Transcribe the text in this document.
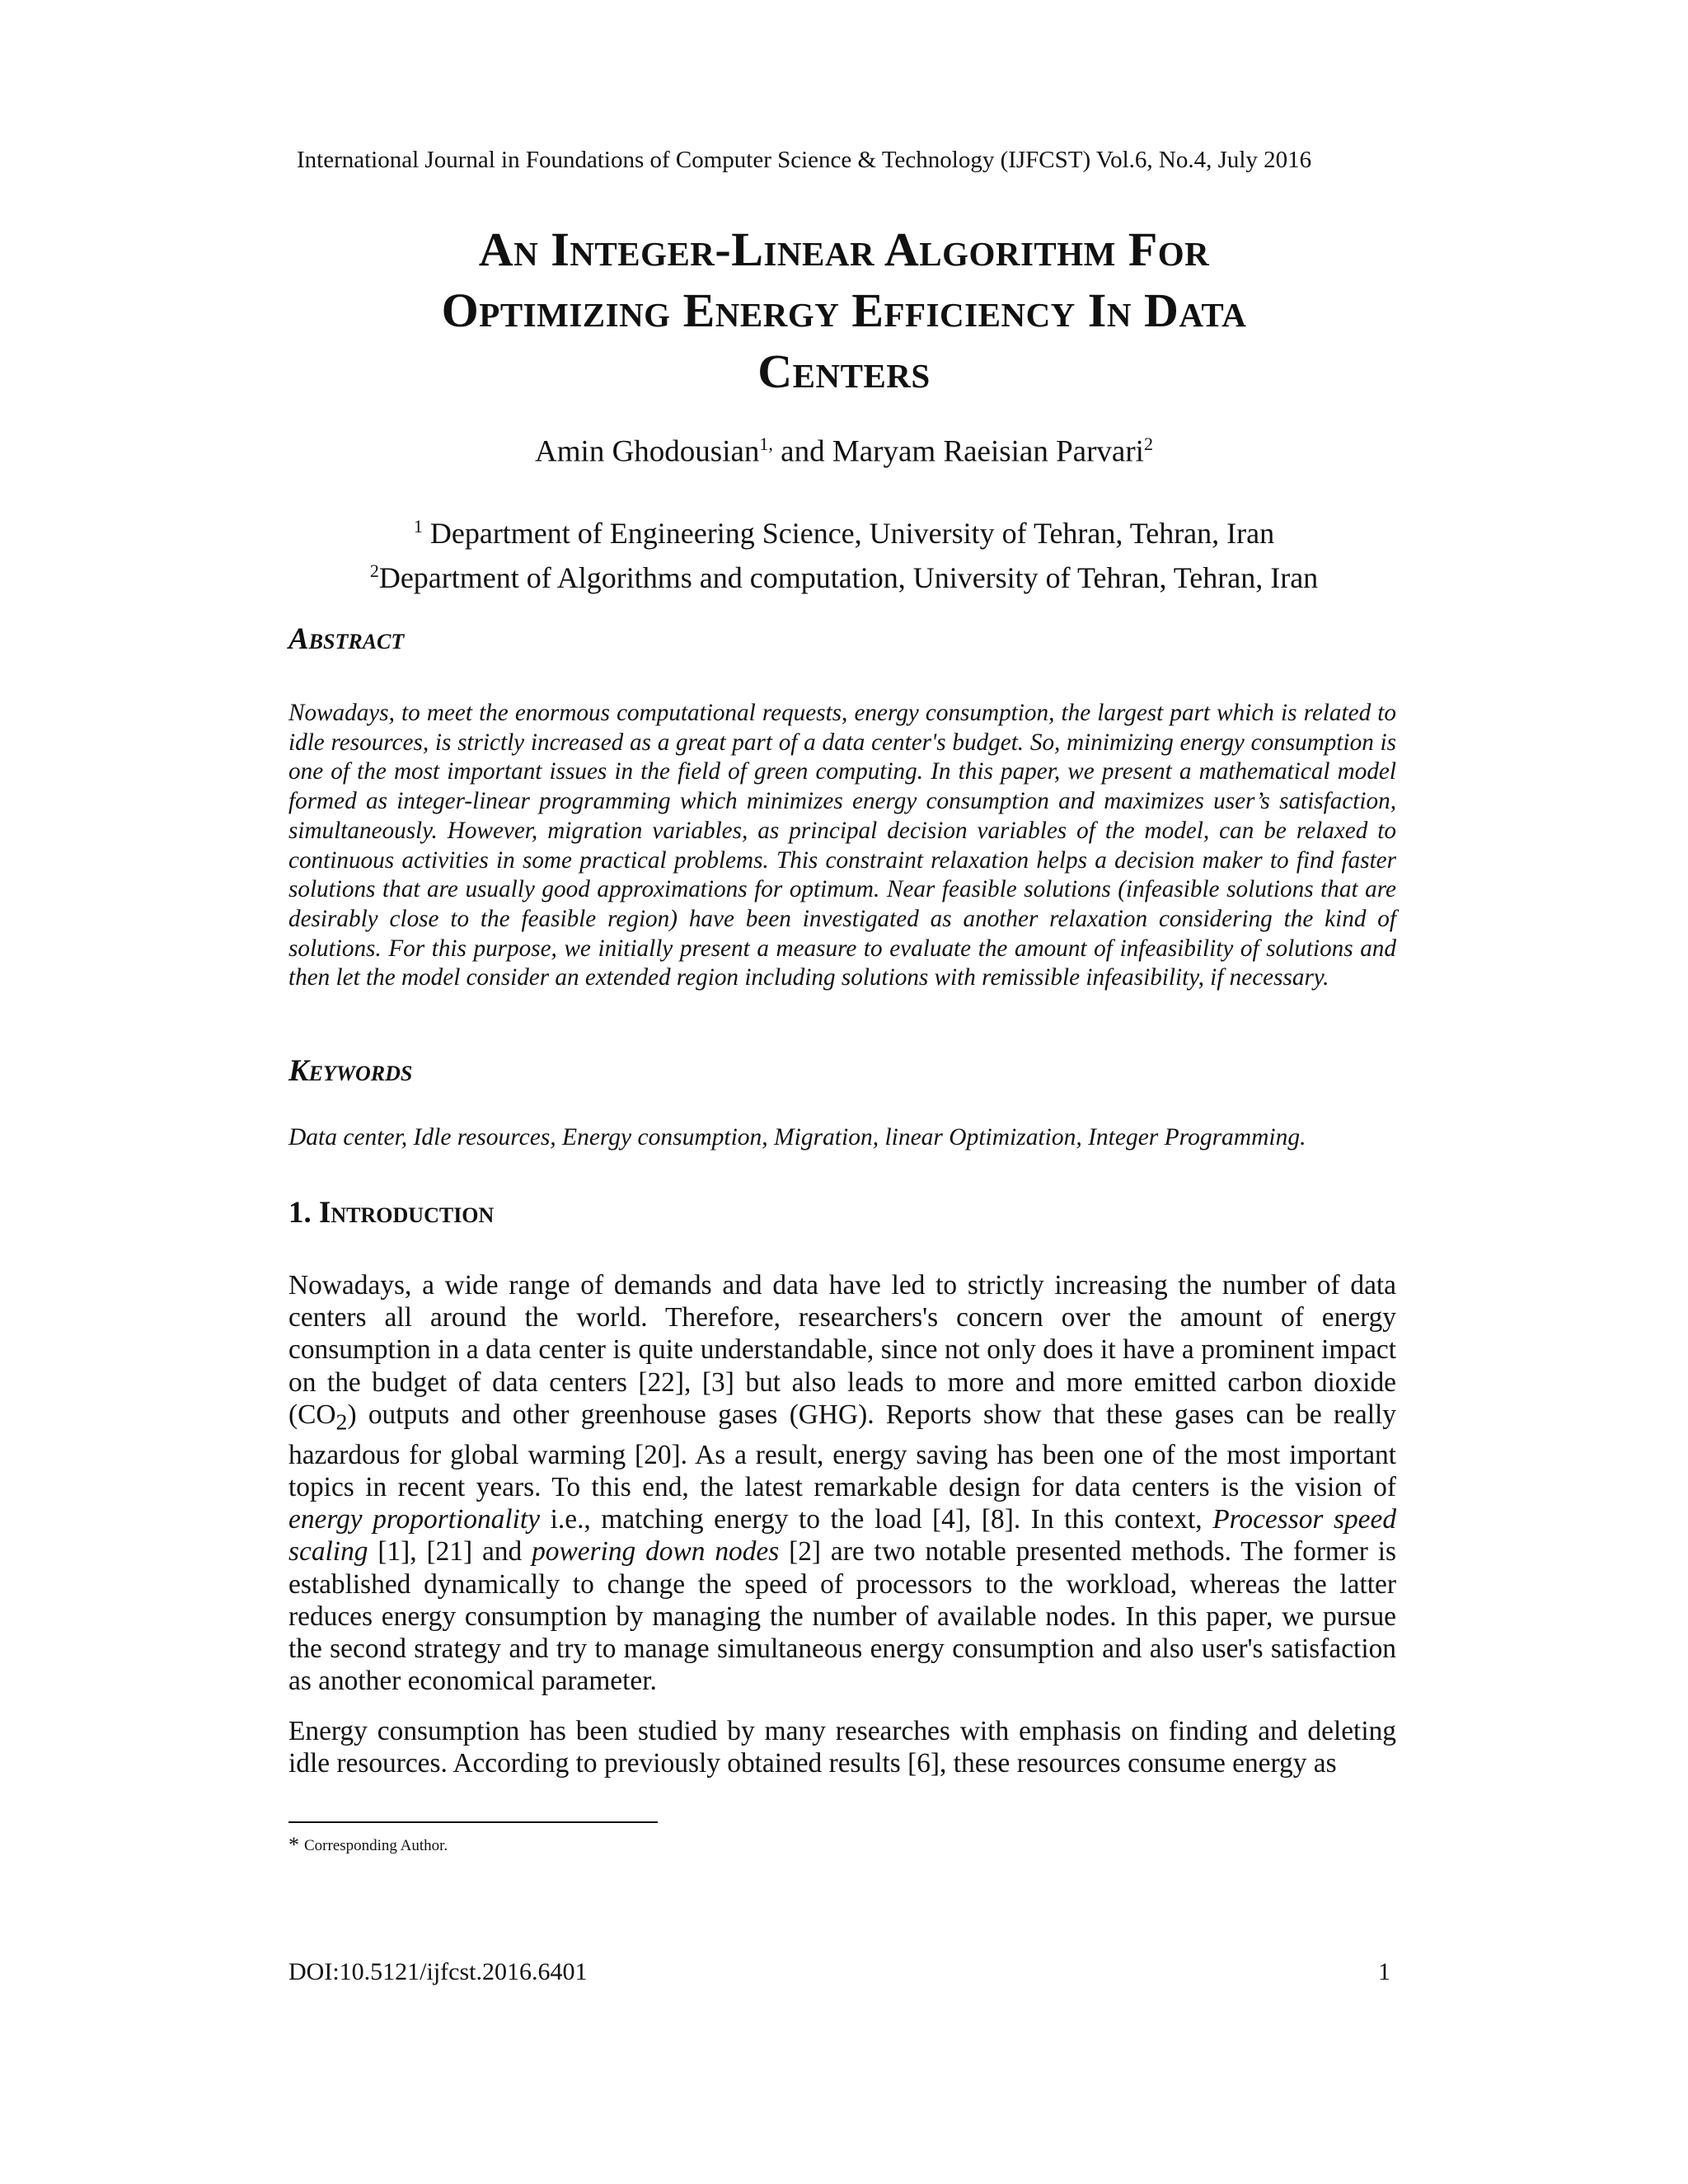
International Journal in Foundations of Computer Science & Technology (IJFCST) Vol.6, No.4, July 2016
An Integer-Linear Algorithm For
Optimizing Energy Efficiency In Data
Centers
Amin Ghodousian$^{1,}$ and Maryam Raeisian Parvari$^2$
$^1$ Department of Engineering Science, University of Tehran, Tehran, Iran
$^2$Department of Algorithms and computation, University of Tehran, Tehran, Iran
Abstract

Nowadays, to meet the enormous computational requests, energy consumption, the largest part which is related to idle resources, is strictly increased as a great part of a data center's budget. So, minimizing energy consumption is one of the most important issues in the field of green computing. In this paper, we present a mathematical model formed as integer-linear programming which minimizes energy consumption and maximizes user’s satisfaction, simultaneously. However, migration variables, as principal decision variables of the model, can be relaxed to continuous activities in some practical problems. This constraint relaxation helps a decision maker to find faster solutions that are usually good approximations for optimum. Near feasible solutions (infeasible solutions that are desirably close to the feasible region) have been investigated as another relaxation considering the kind of solutions. For this purpose, we initially present a measure to evaluate the amount of infeasibility of solutions and then let the model consider an extended region including solutions with remissible infeasibility, if necessary.

Keywords

Data center, Idle resources, Energy consumption, Migration, linear Optimization, Integer Programming.

1. Introduction

Nowadays, a wide range of demands and data have led to strictly increasing the number of data centers all around the world. Therefore, researchers's concern over the amount of energy consumption in a data center is quite understandable, since not only does it have a prominent impact on the budget of data centers [22], [3] but also leads to more and more emitted carbon dioxide $(CO_2)$ outputs and other greenhouse gases (GHG). Reports show that these gases can be really hazardous for global warming [20]. As a result, energy saving has been one of the most important topics in recent years. To this end, the latest remarkable design for data centers is the vision of energy proportionality i.e., matching energy to the load [4], [8]. In this context, Processor speed scaling [1], [21] and powering down nodes [2] are two notable presented methods. The former is established dynamically to change the speed of processors to the workload, whereas the latter reduces energy consumption by managing the number of available nodes. In this paper, we pursue the second strategy and try to manage simultaneous energy consumption and also user's satisfaction as another economical parameter.

Energy consumption has been studied by many researches with emphasis on finding and deleting idle resources. According to previously obtained results [6], these resources consume energy as

* Corresponding Author.
DOI:10.5121/ijfcst.2016.6401	1
